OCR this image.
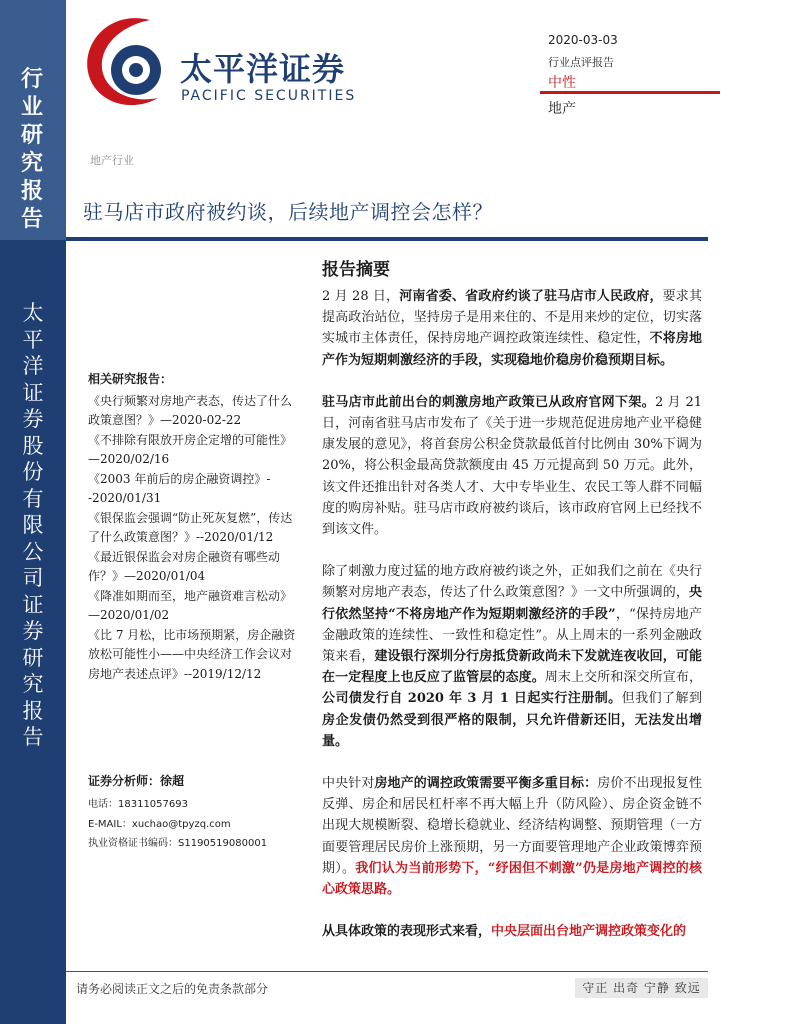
行
业
研
究
报
告
太
平
洋
证
券
股
份
有
限
公
司
证
券
研
究
报
告
太平洋证券
PACIFIC SECURITIES
2020-03-03
行业点评报告
中性
地产
地产行业
驻马店市政府被约谈，后续地产调控会怎样？
相关研究报告：

《央行频繁对房地产表态，传达了什么政策意图？》—2020-02-22

《不排除有限放开房企定增的可能性》—2020/02/16

《2003 年前后的房企融资调控》--2020/01/31

《银保监会强调“防止死灰复燃”，传达了什么政策意图？》--2020/01/12

《最近银保监会对房企融资有哪些动作？》—2020/01/04

《降准如期而至，地产融资难言松动》—2020/01/02

《比 7 月松，比市场预期紧，房企融资放松可能性小——中央经济工作会议对房地产表述点评》--2019/12/12

证券分析师：徐超
电话：18311057693
E-MAIL：xuchao@tpyzq.com
执业资格证书编码：S1190519080001
报告摘要

2 月 28 日，河南省委、省政府约谈了驻马店市人民政府，要求其提高政治站位，坚持房子是用来住的、不是用来炒的定位，切实落实城市主体责任，保持房地产调控政策连续性、稳定性，不将房地产作为短期刺激经济的手段，实现稳地价稳房价稳预期目标。

驻马店市此前出台的刺激房地产政策已从政府官网下架。2 月 21 日，河南省驻马店市发布了《关于进一步规范促进房地产业平稳健康发展的意见》，将首套房公积金贷款最低首付比例由 30%下调为 20%，将公积金最高贷款额度由 45 万元提高到 50 万元。此外，该文件还推出针对各类人才、大中专毕业生、农民工等人群不同幅度的购房补贴。驻马店市政府被约谈后，该市政府官网上已经找不到该文件。

除了刺激力度过猛的地方政府被约谈之外，正如我们之前在《央行频繁对房地产表态，传达了什么政策意图？》一文中所强调的，央行依然坚持“不将房地产作为短期刺激经济的手段”，“保持房地产金融政策的连续性、一致性和稳定性”。从上周末的一系列金融政策来看，建设银行深圳分行房抵贷新政尚未下发就连夜收回，可能在一定程度上也反应了监管层的态度。周末上交所和深交所宣布，公司债发行自 2020 年 3 月 1 日起实行注册制。但我们了解到房企发债仍然受到很严格的限制，只允许借新还旧，无法发出增量。

中央针对房地产的调控政策需要平衡多重目标：房价不出现报复性反弹、房企和居民杠杆率不再大幅上升（防风险）、房企资金链不出现大规模断裂、稳增长稳就业、经济结构调整、预期管理（一方面要管理居民房价上涨预期，另一方面要管理地产企业政策博弈预期）。我们认为当前形势下，“纾困但不刺激”仍是房地产调控的核心政策思路。

从具体政策的表现形式来看，中央层面出台地产调控政策变化的

请务必阅读正文之后的免责条款部分	守正 出奇 宁静 致远
